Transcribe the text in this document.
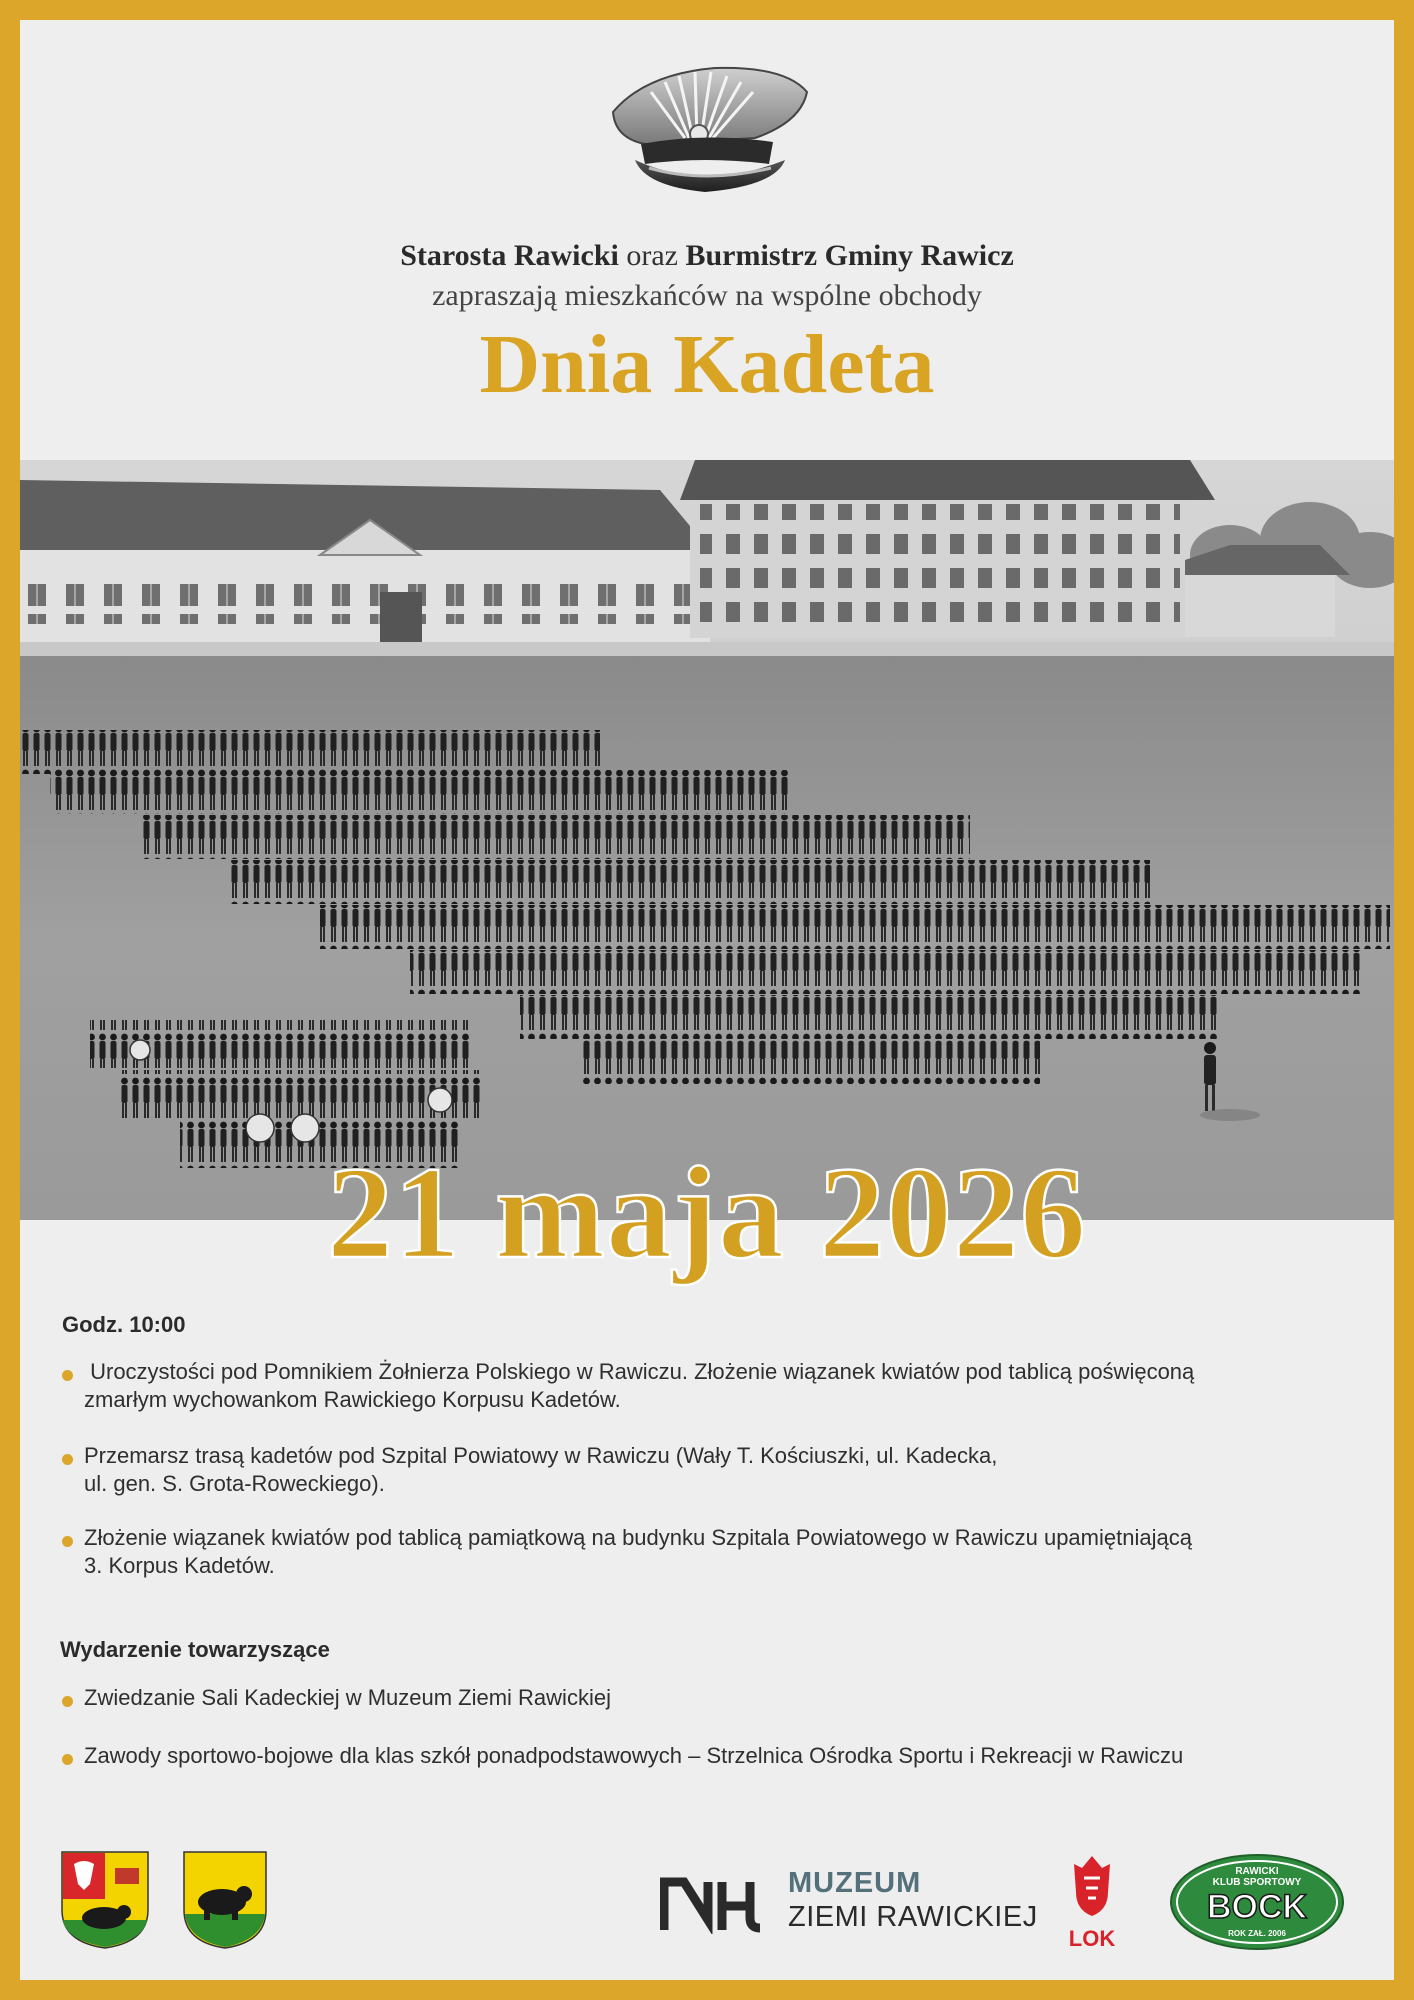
Starosta Rawicki oraz Burmistrz Gminy Rawicz
zapraszają mieszkańców na wspólne obchody
Dnia Kadeta
Godz. 10:00
Uroczystości pod Pomnikiem Żołnierza Polskiego w Rawiczu. Złożenie wiązanek kwiatów pod tablicą poświęconą
zmarłym wychowankom Rawickiego Korpusu Kadetów.
Przemarsz trasą kadetów pod Szpital Powiatowy w Rawiczu (Wały T. Kościuszki, ul. Kadecka,
ul. gen. S. Grota-Roweckiego).
Złożenie wiązanek kwiatów pod tablicą pamiątkową na budynku Szpitala Powiatowego w Rawiczu upamiętniającą
3. Korpus Kadetów.
Wydarzenie towarzyszące
Zwiedzanie Sali Kadeckiej w Muzeum Ziemi Rawickiej
Zawody sportowo-bojowe dla klas szkół ponadpodstawowych – Strzelnica Ośrodka Sportu i Rekreacji w Rawiczu
MUZEUM
ZIEMI RAWICKIEJ
LOK
RAWICKI
KLUB SPORTOWY
BOCK
ROK ZAŁ. 2006
21 maja 2026
